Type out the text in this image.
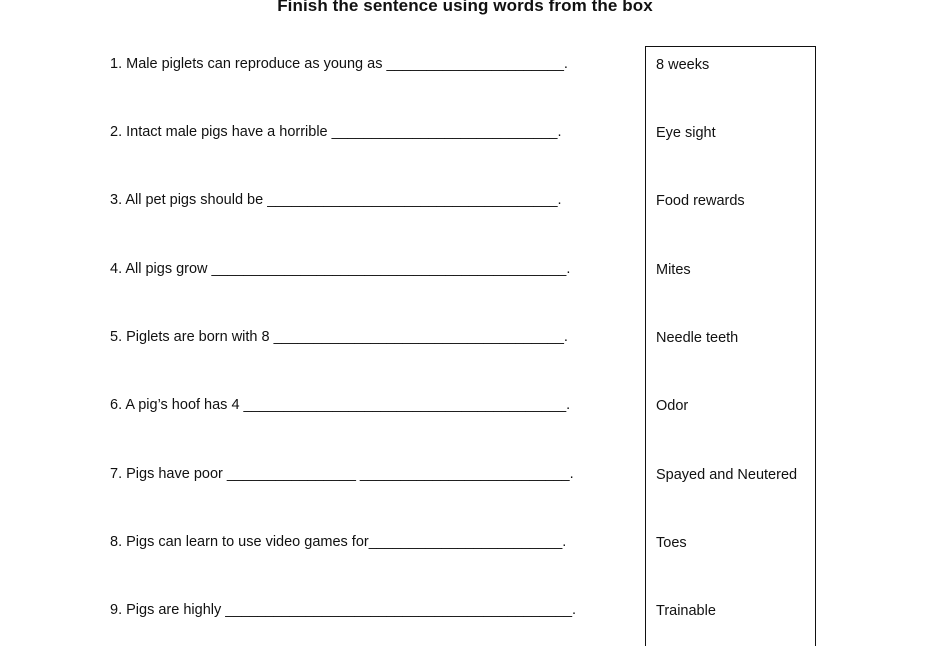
Finish the sentence using words from the box
1. Male piglets can reproduce as young as ______________________.
2. Intact male pigs have a horrible ____________________________.
3. All pet pigs should be ____________________________________.
4. All pigs grow ____________________________________________.
5. Piglets are born with 8 ____________________________________.
6. A pig’s hoof has 4 ________________________________________.
7. Pigs have poor ________________ __________________________.
8. Pigs can learn to use video games for________________________.
9. Pigs are highly ___________________________________________.
8 weeks
Eye sight
Food rewards
Mites
Needle teeth
Odor
Spayed and Neutered
Toes
Trainable
